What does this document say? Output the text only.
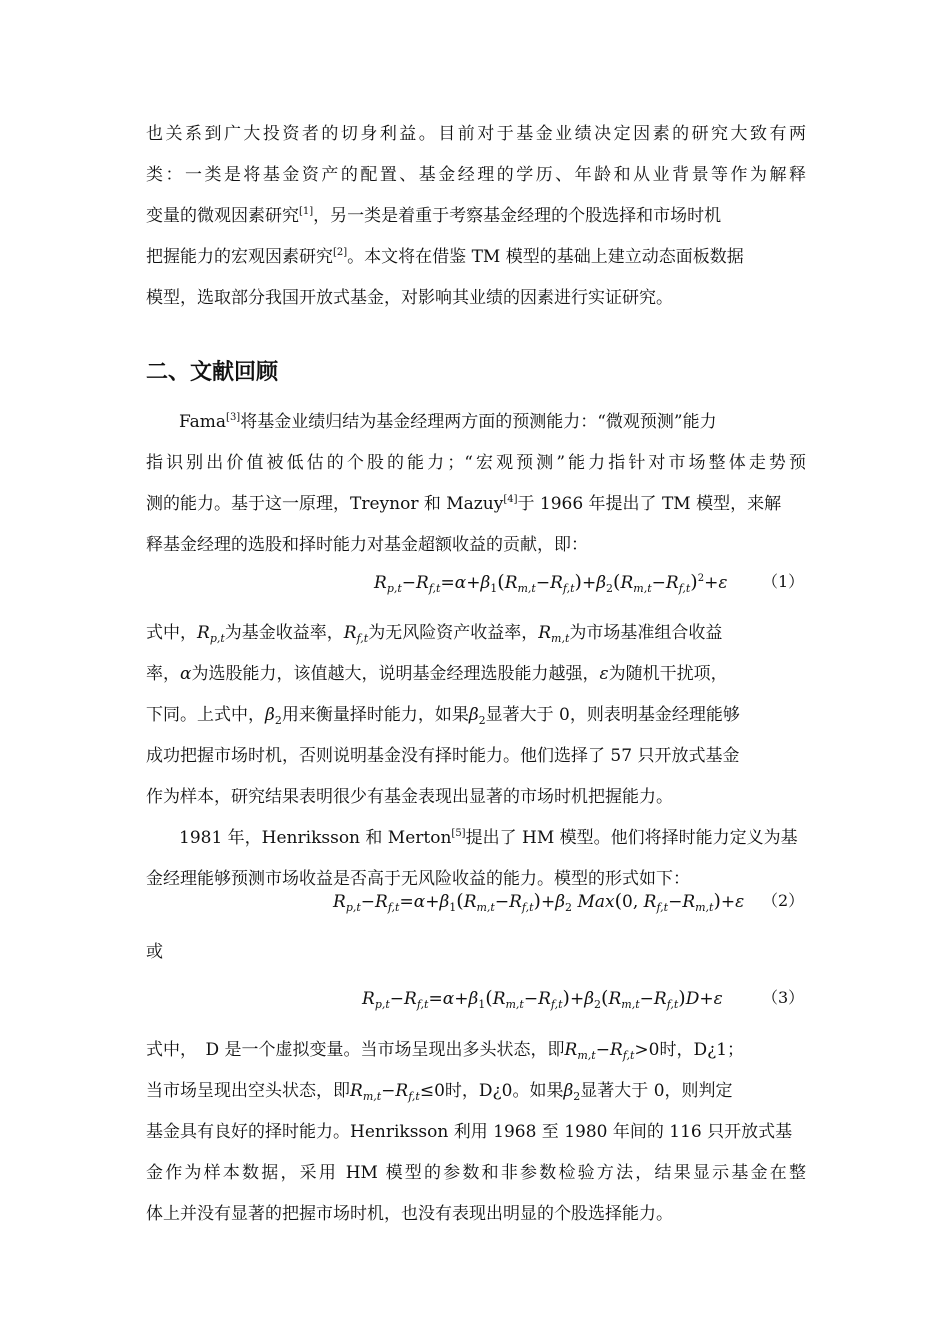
也关系到广大投资者的切身利益。目前对于基金业绩决定因素的研究大致有两
类：一类是将基金资产的配置、基金经理的学历、年龄和从业背景等作为解释
变量的微观因素研究[1]，另一类是着重于考察基金经理的个股选择和市场时机
把握能力的宏观因素研究[2]。本文将在借鉴 TM 模型的基础上建立动态面板数据
模型，选取部分我国开放式基金，对影响其业绩的因素进行实证研究。
二、文献回顾
Fama[3]将基金业绩归结为基金经理两方面的预测能力：“微观预测”能力
指识别出价值被低估的个股的能力；“宏观预测”能力指针对市场整体走势预
测的能力。基于这一原理，Treynor 和 Mazuy[4]于 1966 年提出了 TM 模型，来解
释基金经理的选股和择时能力对基金超额收益的贡献，即：
$R_{p,t}-R_{f,t}=\alpha+\beta_1(R_{m,t}-R_{f,t})+\beta_2(R_{m,t}-R_{f,t})^2+\varepsilon$ （1）
式中，$R_{p,t}$为基金收益率，$R_{f,t}$为无风险资产收益率，$R_{m,t}$为市场基准组合收益
率，α为选股能力，该值越大，说明基金经理选股能力越强，ε为随机干扰项，
下同。上式中，$\beta_2$用来衡量择时能力，如果$\beta_2$显著大于 0，则表明基金经理能够
成功把握市场时机，否则说明基金没有择时能力。他们选择了 57 只开放式基金
作为样本，研究结果表明很少有基金表现出显著的市场时机把握能力。
1981 年，Henriksson 和 Merton[5]提出了 HM 模型。他们将择时能力定义为基
金经理能够预测市场收益是否高于无风险收益的能力。模型的形式如下：
$R_{p,t}-R_{f,t}=\alpha+\beta_1(R_{m,t}-R_{f,t})+\beta_2$ Max(0, $R_{f,t}-R_{m,t})+\varepsilon$ （2）
或
$R_{p,t}-R_{f,t}=\alpha+\beta_1(R_{m,t}-R_{f,t})+\beta_2(R_{m,t}-R_{f,t})D+\varepsilon$ （3）
式中，　D 是一个虚拟变量。当市场呈现出多头状态，即$R_{m,t}-R_{f,t}>0$时，D¿1；
当市场呈现出空头状态，即$R_{m,t}-R_{f,t}\le 0$时，D¿0。如果$\beta_2$显著大于 0，则判定
基金具有良好的择时能力。Henriksson 利用 1968 至 1980 年间的 116 只开放式基
金作为样本数据，采用 HM 模型的参数和非参数检验方法，结果显示基金在整
体上并没有显著的把握市场时机，也没有表现出明显的个股选择能力。
